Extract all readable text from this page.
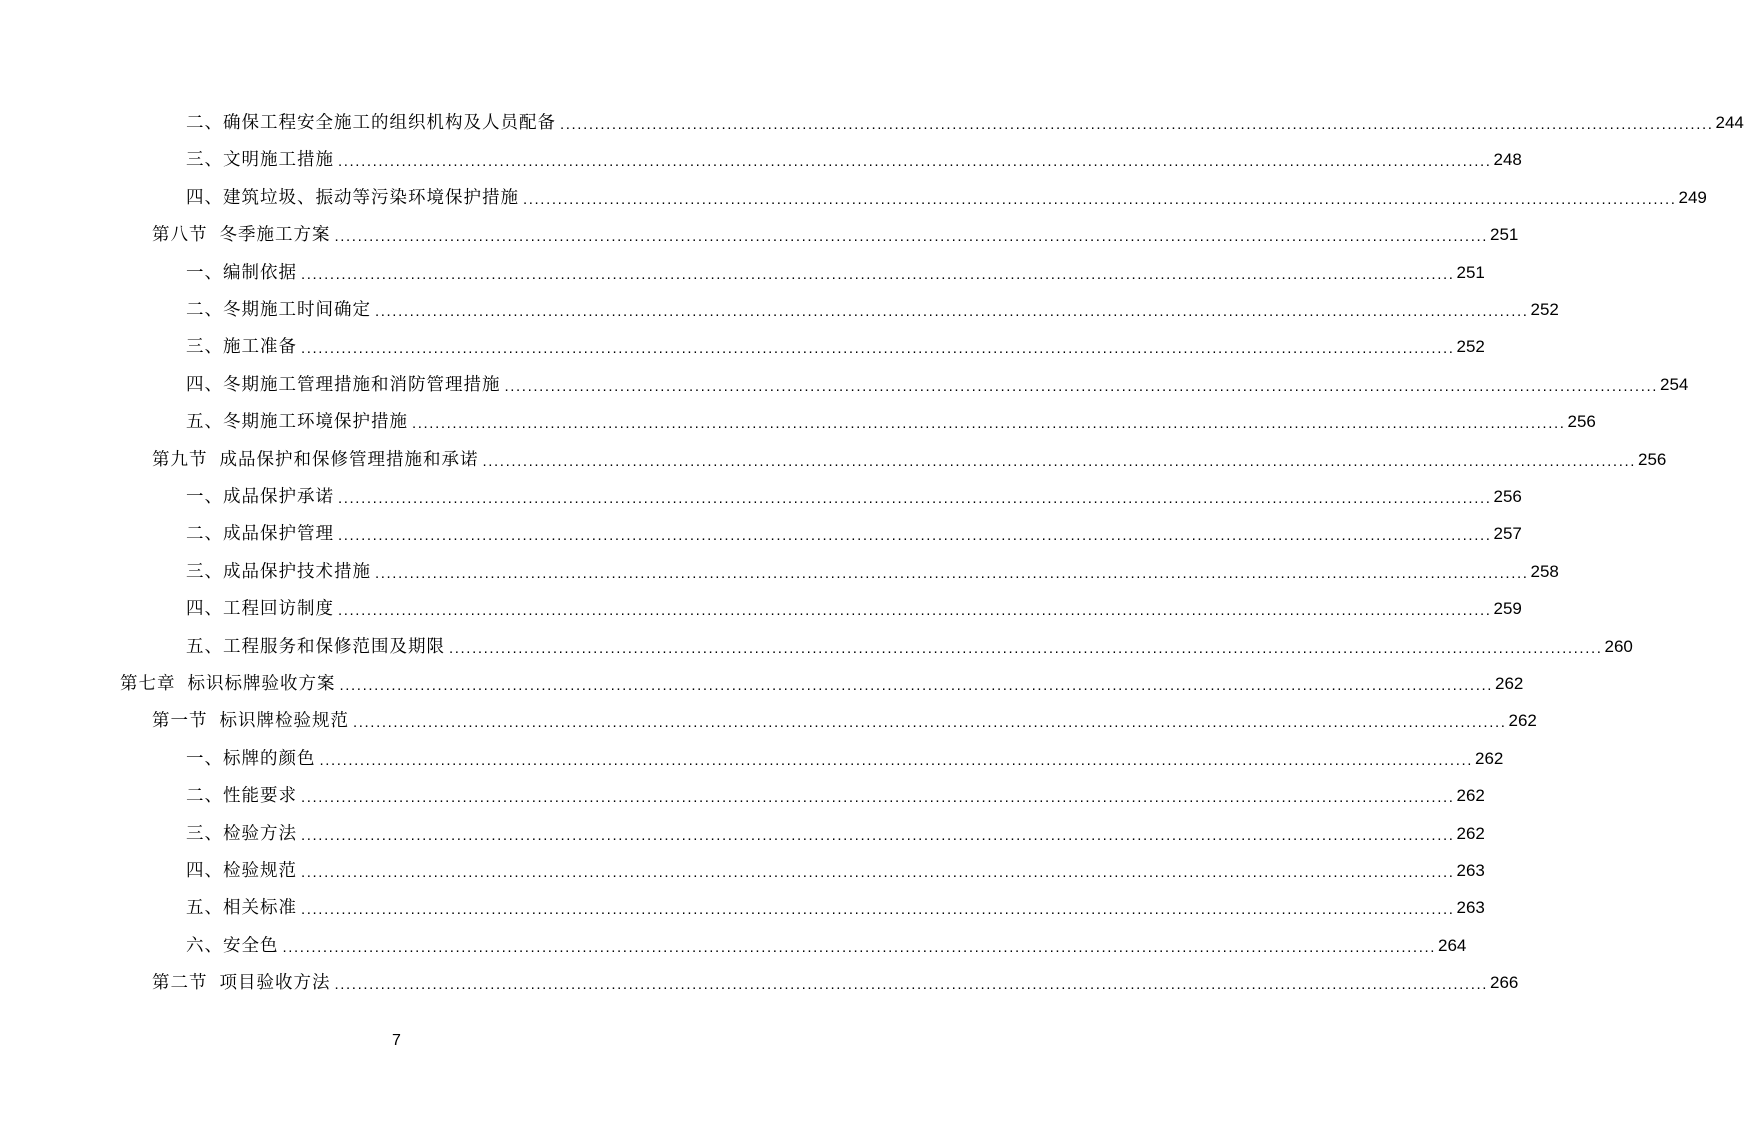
二、确保工程安全施工的组织机构及人员配备 ........................................................................................................................................................................................................ 244
三、文明施工措施 ........................................................................................................................................................................................................ 248
四、建筑垃圾、振动等污染环境保护措施 ........................................................................................................................................................................................................ 249
第八节 冬季施工方案 ........................................................................................................................................................................................................ 251
一、编制依据 ........................................................................................................................................................................................................ 251
二、冬期施工时间确定 ........................................................................................................................................................................................................ 252
三、施工准备 ........................................................................................................................................................................................................ 252
四、冬期施工管理措施和消防管理措施 ........................................................................................................................................................................................................ 254
五、冬期施工环境保护措施 ........................................................................................................................................................................................................ 256
第九节 成品保护和保修管理措施和承诺 ........................................................................................................................................................................................................ 256
一、成品保护承诺 ........................................................................................................................................................................................................ 256
二、成品保护管理 ........................................................................................................................................................................................................ 257
三、成品保护技术措施 ........................................................................................................................................................................................................ 258
四、工程回访制度 ........................................................................................................................................................................................................ 259
五、工程服务和保修范围及期限 ........................................................................................................................................................................................................ 260
第七章 标识标牌验收方案 ........................................................................................................................................................................................................ 262
第一节 标识牌检验规范 ........................................................................................................................................................................................................ 262
一、标牌的颜色 ........................................................................................................................................................................................................ 262
二、性能要求 ........................................................................................................................................................................................................ 262
三、检验方法 ........................................................................................................................................................................................................ 262
四、检验规范 ........................................................................................................................................................................................................ 263
五、相关标准 ........................................................................................................................................................................................................ 263
六、安全色 ........................................................................................................................................................................................................ 264
第二节 项目验收方法 ........................................................................................................................................................................................................ 266
7
